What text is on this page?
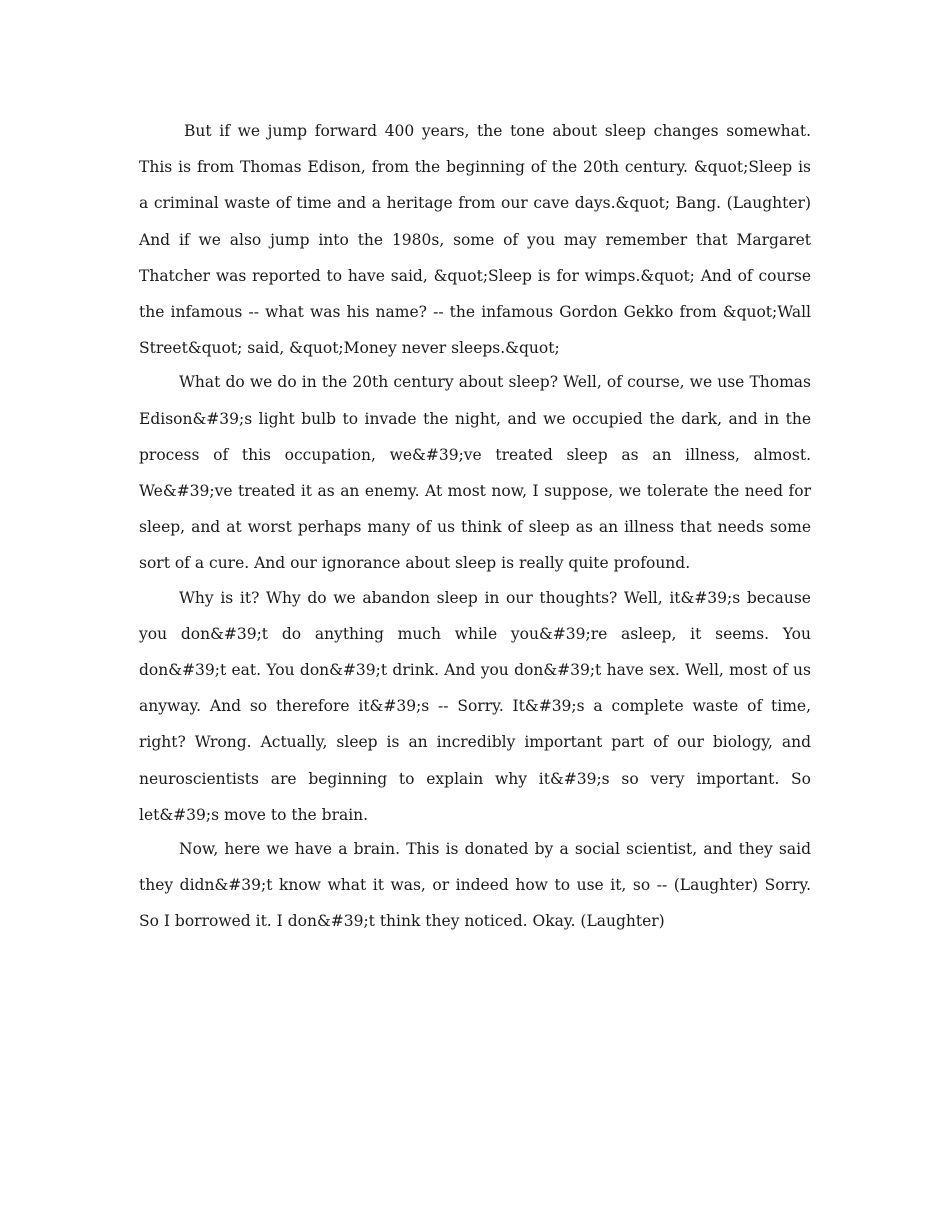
But if we jump forward 400 years, the tone about sleep changes somewhat. This is from Thomas Edison, from the beginning of the 20th century. &quot;Sleep is a criminal waste of time and a heritage from our cave days.&quot; Bang. (Laughter) And if we also jump into the 1980s, some of you may remember that Margaret Thatcher was reported to have said, &quot;Sleep is for wimps.&quot; And of course the infamous -- what was his name? -- the infamous Gordon Gekko from &quot;Wall Street&quot; said, &quot;Money never sleeps.&quot;

What do we do in the 20th century about sleep? Well, of course, we use Thomas Edison&#39;s light bulb to invade the night, and we occupied the dark, and in the process of this occupation, we&#39;ve treated sleep as an illness, almost. We&#39;ve treated it as an enemy. At most now, I suppose, we tolerate the need for sleep, and at worst perhaps many of us think of sleep as an illness that needs some sort of a cure. And our ignorance about sleep is really quite profound.

Why is it? Why do we abandon sleep in our thoughts? Well, it&#39;s because you don&#39;t do anything much while you&#39;re asleep, it seems. You don&#39;t eat. You don&#39;t drink. And you don&#39;t have sex. Well, most of us anyway. And so therefore it&#39;s -- Sorry. It&#39;s a complete waste of time, right? Wrong. Actually, sleep is an incredibly important part of our biology, and neuroscientists are beginning to explain why it&#39;s so very important. So let&#39;s move to the brain.

Now, here we have a brain. This is donated by a social scientist, and they said they didn&#39;t know what it was, or indeed how to use it, so -- (Laughter) Sorry. So I borrowed it. I don&#39;t think they noticed. Okay. (Laughter)
